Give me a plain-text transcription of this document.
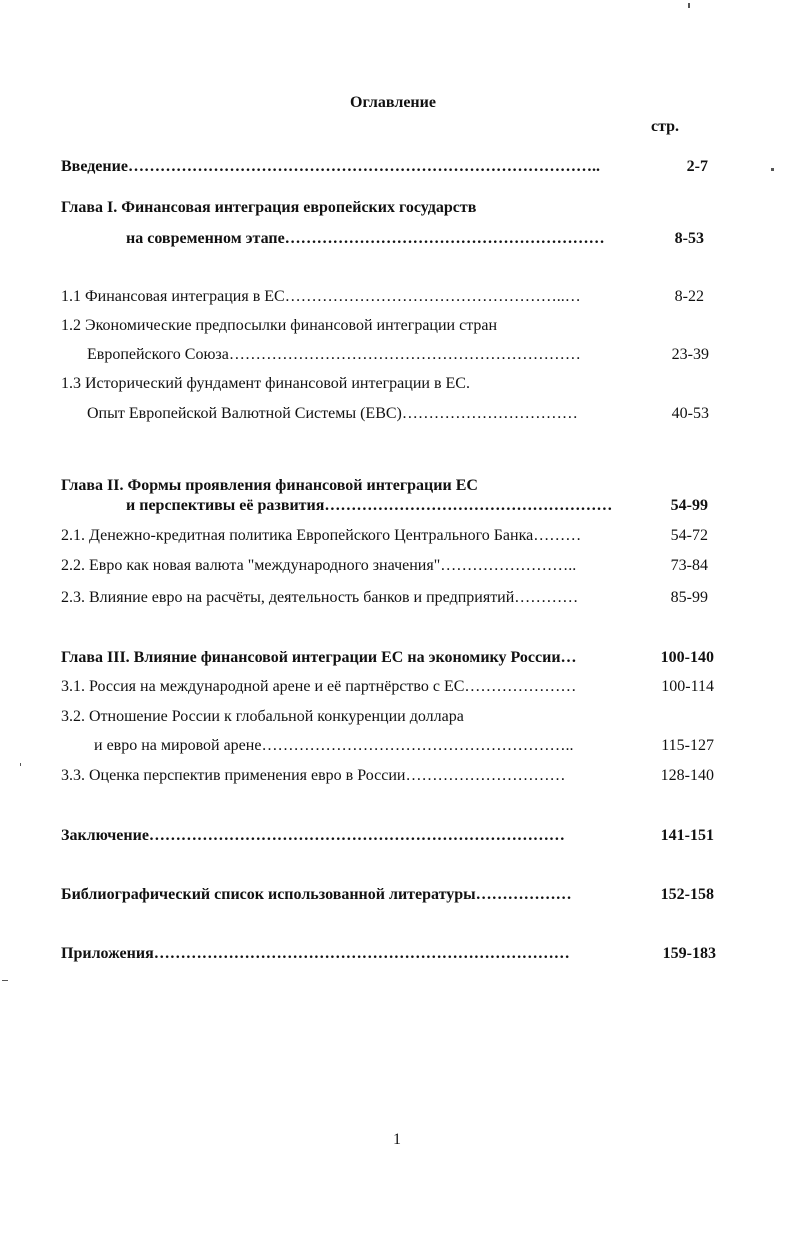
Оглавление
стр.
Введение……………………………………………………………………………..	2-7
Глава I. Финансовая интеграция европейских государств
на современном этапе……………………………………………………	8-53
1.1 Финансовая интеграция в ЕС……………………………………………..…	8-22
1.2 Экономические предпосылки финансовой интеграции стран
Европейского Союза…………………………………………………………	23-39
1.3 Исторический фундамент финансовой интеграции в ЕС.
Опыт Европейской Валютной Системы (ЕВС)……………………………	40-53
Глава II. Формы проявления финансовой интеграции ЕС
и перспективы её развития………………………………………………	54-99
2.1. Денежно-кредитная политика Европейского Центрального Банка………	54-72
2.2. Евро как новая валюта "международного значения"……………………..	73-84
2.3. Влияние евро на расчёты, деятельность банков и предприятий…………	85-99
Глава III. Влияние финансовой интеграции ЕС на экономику России…	100-140
3.1. Россия на международной арене и её партнёрство с ЕС…………………	100-114
3.2. Отношение России к глобальной конкуренции доллара
и евро на мировой арене…………………………………………………..	115-127
3.3. Оценка перспектив применения евро в России…………………………	128-140
Заключение……………………………………………………………………	141-151
Библиографический список использованной литературы………………	152-158
Приложения……………………………………………………………………	159-183
1
